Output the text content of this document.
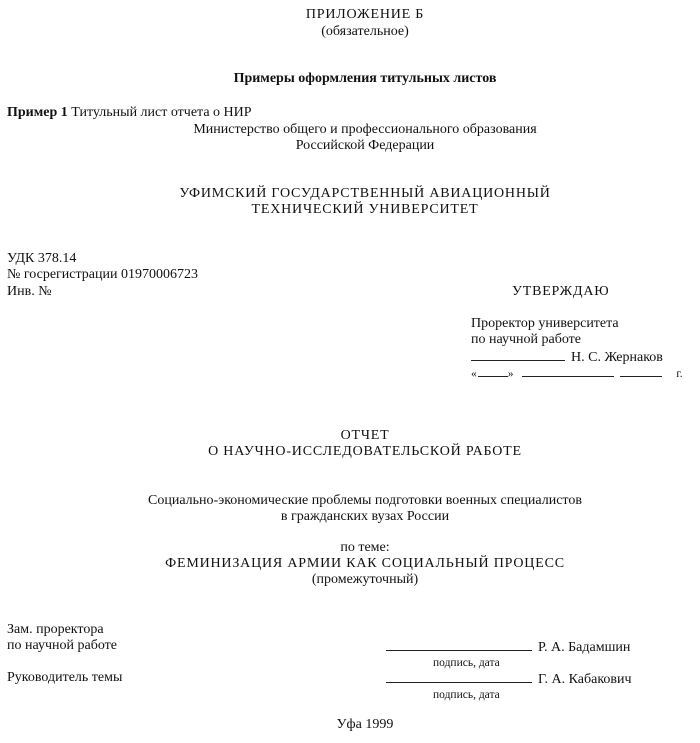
ПРИЛОЖЕНИЕ Б
(обязательное)
Примеры оформления титульных листов
Пример 1 Титульный лист отчета о НИР
Министерство общего и профессионального образования
Российской Федерации
УФИМСКИЙ ГОСУДАРСТВЕННЫЙ АВИАЦИОННЫЙ
ТЕХНИЧЕСКИЙ УНИВЕРСИТЕТ
УДК 378.14
№ госрегистрации 01970006723
Инв. №	УТВЕРЖДАЮ
Проректор университета
по научной работе
Н. С. Жернаков
«	»	г.
ОТЧЕТ
О НАУЧНО-ИССЛЕДОВАТЕЛЬСКОЙ РАБОТЕ
Социально-экономические проблемы подготовки военных специалистов
в гражданских вузах России
по теме:
ФЕМИНИЗАЦИЯ АРМИИ КАК СОЦИАЛЬНЫЙ ПРОЦЕСС
(промежуточный)
Зам. проректора
по научной работе	Р. А. Бадамшин
подпись, дата
Руководитель темы	Г. А. Кабакович
подпись, дата
Уфа 1999
